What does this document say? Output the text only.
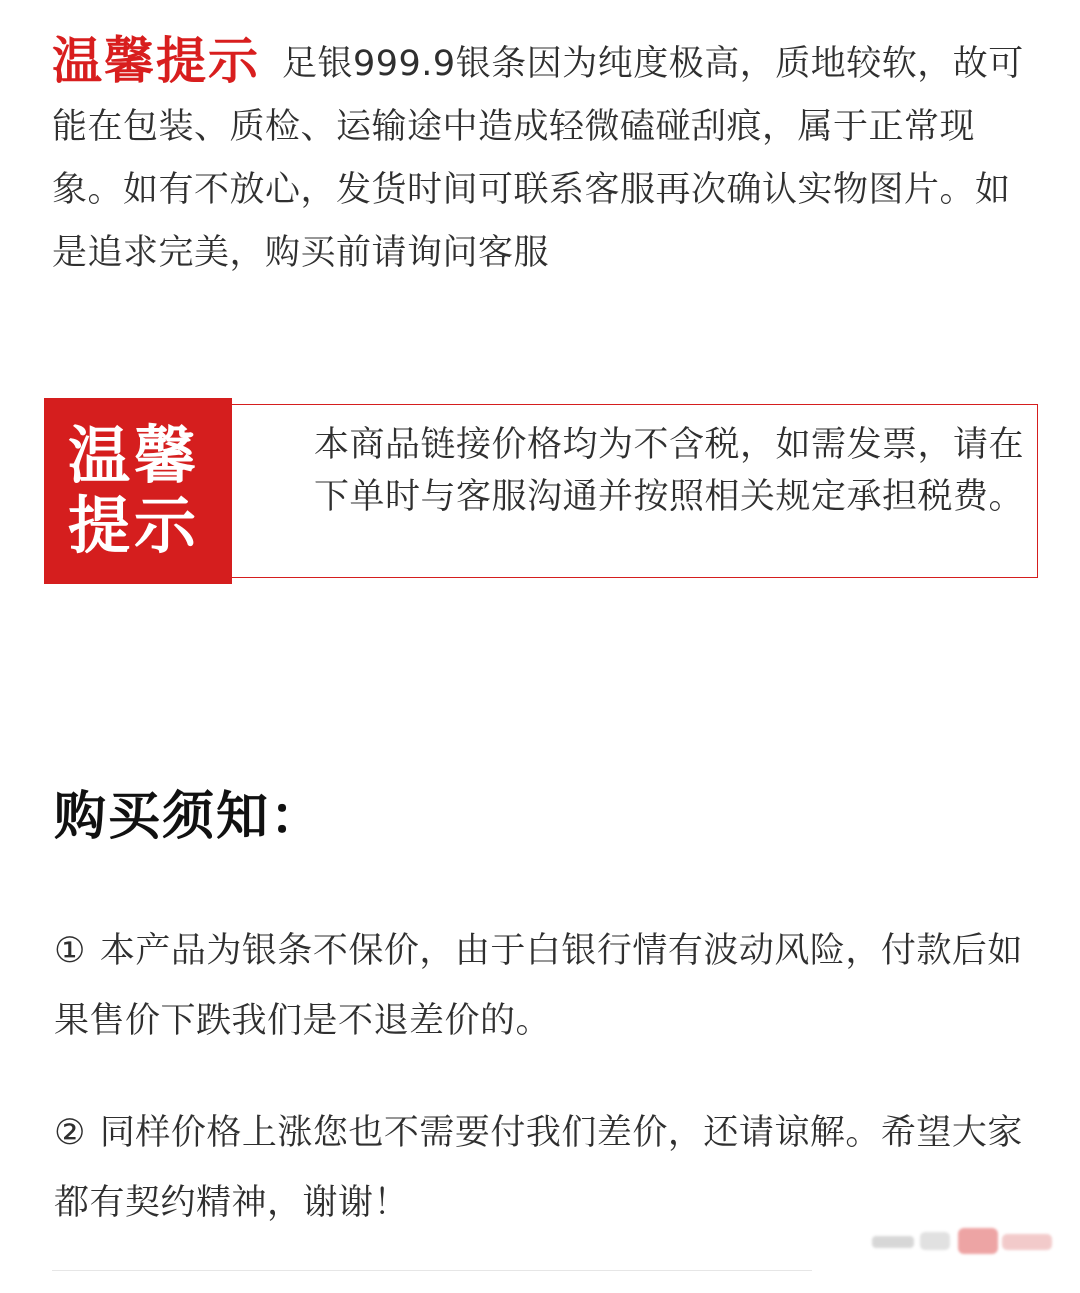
温馨提示 足银999.9银条因为纯度极高，质地较软，故可能在包装、质检、运输途中造成轻微磕碰刮痕，属于正常现象。如有不放心，发货时间可联系客服再次确认实物图片。如是追求完美，购买前请询问客服
温馨提示
本商品链接价格均为不含税，如需发票，请在下单时与客服沟通并按照相关规定承担税费。
购买须知：
① 本产品为银条不保价，由于白银行情有波动风险，付款后如果售价下跌我们是不退差价的。
② 同样价格上涨您也不需要付我们差价，还请谅解。希望大家都有契约精神，谢谢！
